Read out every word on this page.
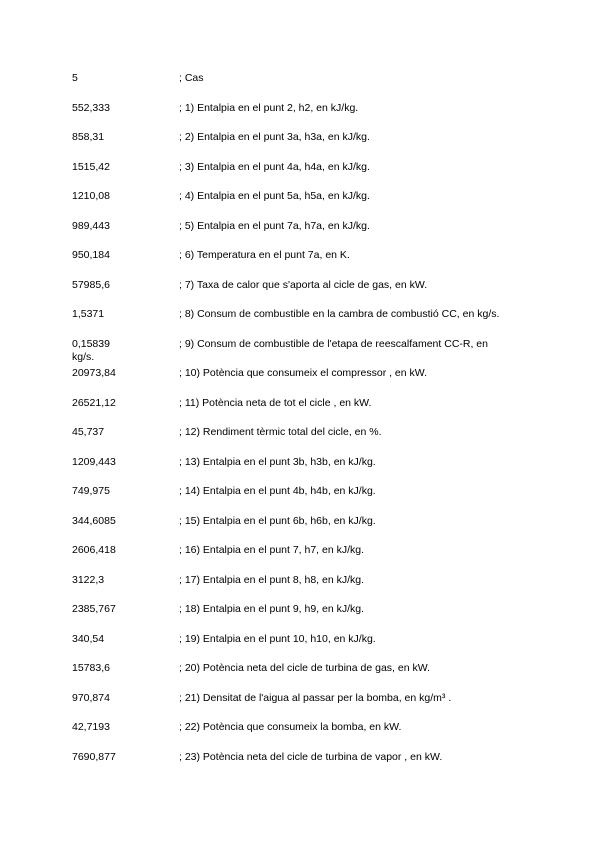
5	; Cas
552,333	; 1) Entalpia en el punt 2, h2, en kJ/kg.
858,31	; 2) Entalpia en el punt 3a, h3a, en kJ/kg.
1515,42	; 3) Entalpia en el punt 4a, h4a, en kJ/kg.
1210,08	; 4) Entalpia en el punt 5a, h5a, en kJ/kg.
989,443	; 5) Entalpia en el punt 7a, h7a, en kJ/kg.
950,184	; 6) Temperatura en el punt 7a, en K.
57985,6	; 7) Taxa de calor que s'aporta al cicle de gas, en kW.
1,5371	; 8) Consum de combustible en la cambra de combustió CC, en kg/s.
0,15839	; 9) Consum de combustible de l'etapa de reescalfament CC-R, en
kg/s.
20973,84	; 10) Potència que consumeix el compressor , en kW.
26521,12	; 11) Potència neta de tot el cicle , en kW.
45,737	; 12) Rendiment tèrmic total del cicle, en %.
1209,443	; 13) Entalpia en el punt 3b, h3b, en kJ/kg.
749,975	; 14) Entalpia en el punt 4b, h4b, en kJ/kg.
344,6085	; 15) Entalpia en el punt 6b, h6b, en kJ/kg.
2606,418	; 16) Entalpia en el punt 7, h7, en kJ/kg.
3122,3	; 17) Entalpia en el punt 8, h8, en kJ/kg.
2385,767	; 18) Entalpia en el punt 9, h9, en kJ/kg.
340,54	; 19) Entalpia en el punt 10, h10, en kJ/kg.
15783,6	; 20) Potència neta del cicle de turbina de gas, en kW.
970,874	; 21) Densitat de l'aigua al passar per la bomba, en kg/m³ .
42,7193	; 22) Potència que consumeix la bomba, en kW.
7690,877	; 23) Potència neta del cicle de turbina de vapor , en kW.
